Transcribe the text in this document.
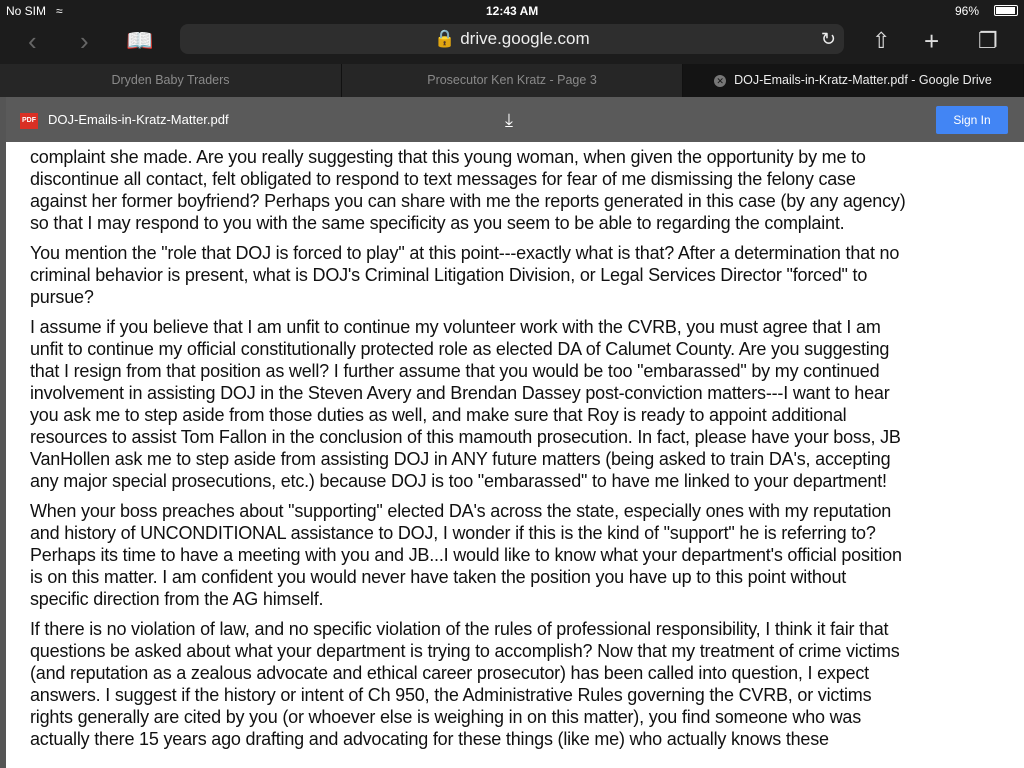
complaint she made. Are you really suggesting that this young woman, when given the opportunity by me to
discontinue all contact, felt obligated to respond to text messages for fear of me dismissing the felony case
against her former boyfriend? Perhaps you can share with me the reports generated in this case (by any agency)
so that I may respond to you with the same specificity as you seem to be able to regarding the complaint.
You mention the "role that DOJ is forced to play" at this point---exactly what is that? After a determination that no
criminal behavior is present, what is DOJ's Criminal Litigation Division, or Legal Services Director "forced" to
pursue?
I assume if you believe that I am unfit to continue my volunteer work with the CVRB, you must agree that I am
unfit to continue my official constitutionally protected role as elected DA of Calumet County. Are you suggesting
that I resign from that position as well? I further assume that you would be too "embarassed" by my continued
involvement in assisting DOJ in the Steven Avery and Brendan Dassey post-conviction matters---I want to hear
you ask me to step aside from those duties as well, and make sure that Roy is ready to appoint additional
resources to assist Tom Fallon in the conclusion of this mamouth prosecution. In fact, please have your boss, JB
VanHollen ask me to step aside from assisting DOJ in ANY future matters (being asked to train DA's, accepting
any major special prosecutions, etc.) because DOJ is too "embarassed" to have me linked to your department!
When your boss preaches about "supporting" elected DA's across the state, especially ones with my reputation
and history of UNCONDITIONAL assistance to DOJ, I wonder if this is the kind of "support" he is referring to?
Perhaps its time to have a meeting with you and JB...I would like to know what your department's official position
is on this matter. I am confident you would never have taken the position you have up to this point without
specific direction from the AG himself.
If there is no violation of law, and no specific violation of the rules of professional responsibility, I think it fair that
questions be asked about what your department is trying to accomplish? Now that my treatment of crime victims
(and reputation as a zealous advocate and ethical career prosecutor) has been called into question, I expect
answers. I suggest if the history or intent of Ch 950, the Administrative Rules governing the CVRB, or victims
rights generally are cited by you (or whoever else is weighing in on this matter), you find someone who was
actually there 15 years ago drafting and advocating for these things (like me) who actually knows these
No SIM ≈	12:43 AM	96%
‹ › 📖	🔒 drive.google.com	↻ ⇧ + ❐
Dryden Baby Traders	Prosecutor Ken Kratz - Page 3	✕ DOJ-Emails-in-Kratz-Matter.pdf - Google Drive
PDF DOJ-Emails-in-Kratz-Matter.pdf	⤓	Sign In
